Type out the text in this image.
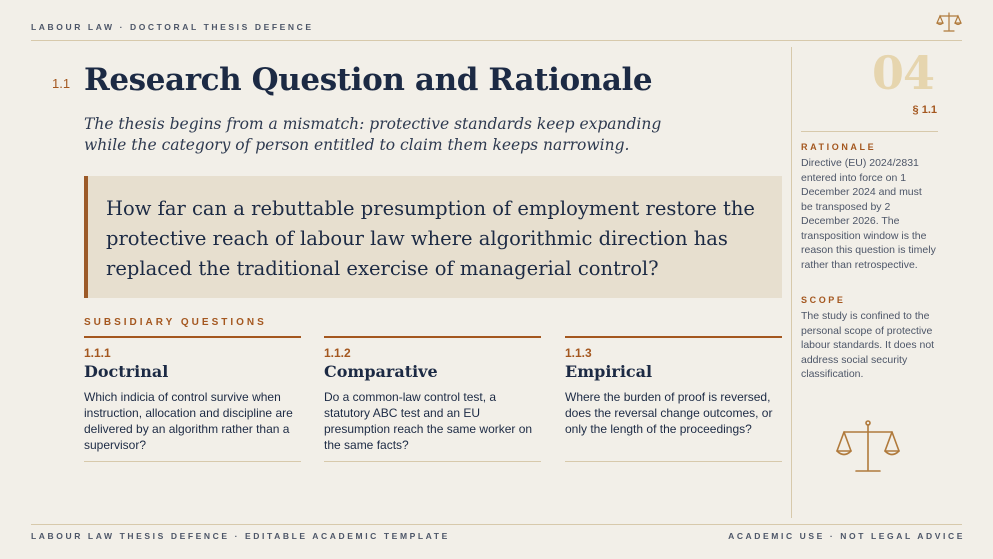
LABOUR LAW · DOCTORAL THESIS DEFENCE
1.1 Research Question and Rationale

The thesis begins from a mismatch: protective standards keep expanding while the category of person entitled to claim them keeps narrowing.

How far can a rebuttable presumption of employment restore the protective reach of labour law where algorithmic direction has replaced the traditional exercise of managerial control?
SUBSIDIARY QUESTIONS
1.1.1
Doctrinal
Which indicia of control survive when instruction, allocation and discipline are delivered by an algorithm rather than a supervisor?
1.1.2
Comparative
Do a common-law control test, a statutory ABC test and an EU presumption reach the same worker on the same facts?
1.1.3
Empirical
Where the burden of proof is reversed, does the reversal change outcomes, or only the length of the proceedings?
04
§ 1.1
RATIONALE
Directive (EU) 2024/2831 entered into force on 1 December 2024 and must be transposed by 2 December 2026. The transposition window is the reason this question is timely rather than retrospective.
SCOPE
The study is confined to the personal scope of protective labour standards. It does not address social security classification.
LABOUR LAW THESIS DEFENCE · EDITABLE ACADEMIC TEMPLATE	ACADEMIC USE · NOT LEGAL ADVICE
